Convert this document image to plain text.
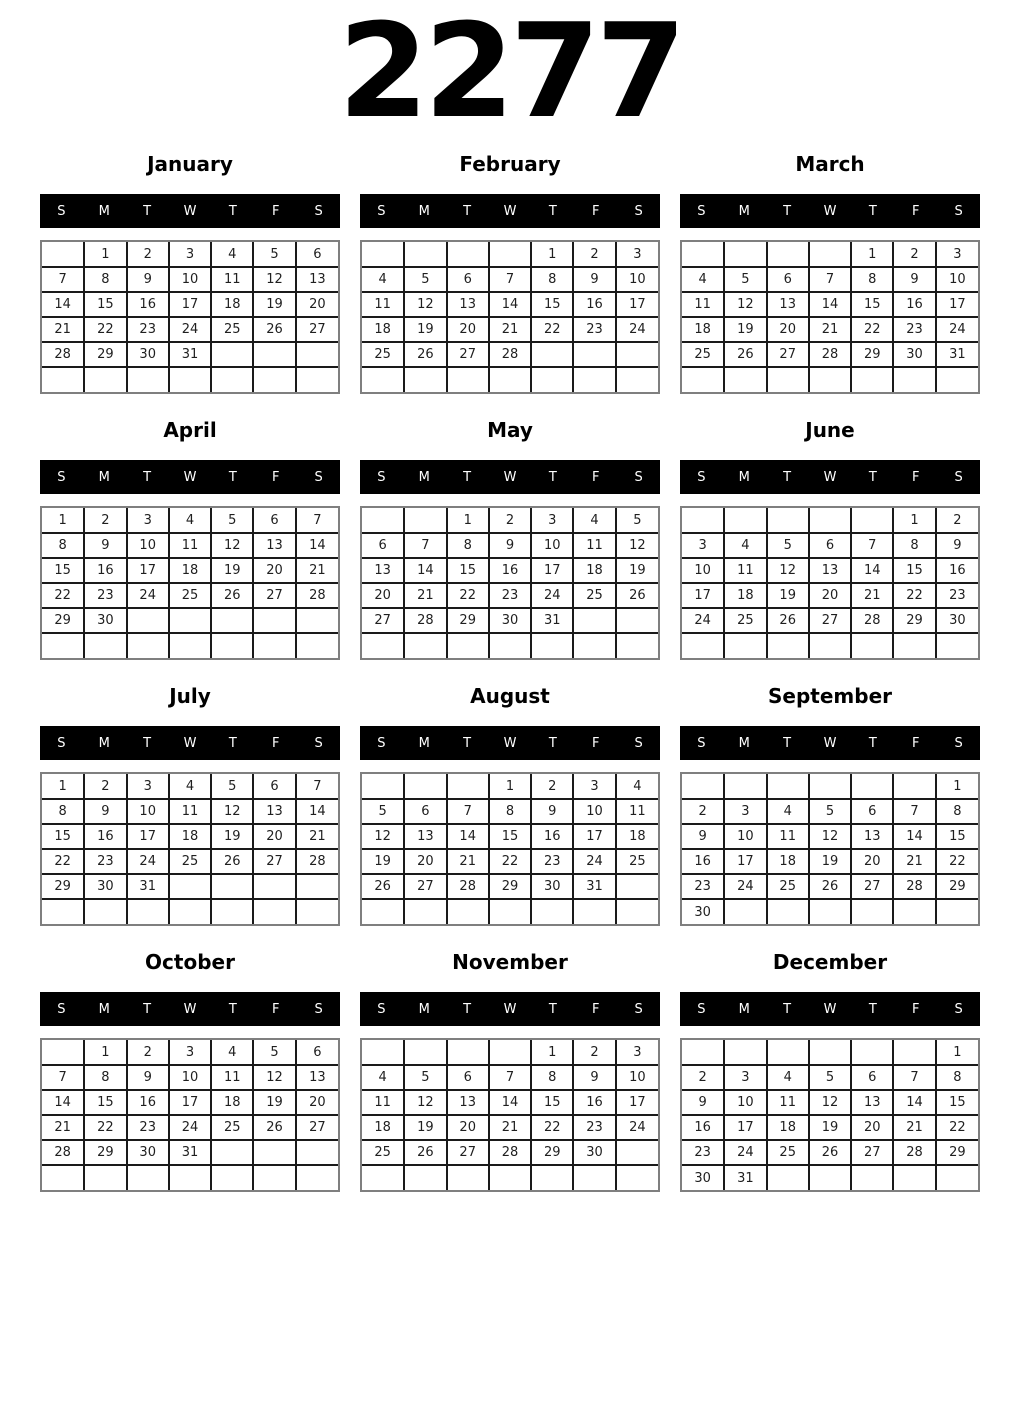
2277
January
S	M	T	W	T	F	S
	1	2	3	4	5	6
7	8	9	10	11	12	13
14	15	16	17	18	19	20
21	22	23	24	25	26	27
28	29	30	31			

February
S	M	T	W	T	F	S
				1	2	3
4	5	6	7	8	9	10
11	12	13	14	15	16	17
18	19	20	21	22	23	24
25	26	27	28			

March
S	M	T	W	T	F	S
				1	2	3
4	5	6	7	8	9	10
11	12	13	14	15	16	17
18	19	20	21	22	23	24
25	26	27	28	29	30	31

April
S	M	T	W	T	F	S
1	2	3	4	5	6	7
8	9	10	11	12	13	14
15	16	17	18	19	20	21
22	23	24	25	26	27	28
29	30					

May
S	M	T	W	T	F	S
		1	2	3	4	5
6	7	8	9	10	11	12
13	14	15	16	17	18	19
20	21	22	23	24	25	26
27	28	29	30	31		

June
S	M	T	W	T	F	S
					1	2
3	4	5	6	7	8	9
10	11	12	13	14	15	16
17	18	19	20	21	22	23
24	25	26	27	28	29	30

July
S	M	T	W	T	F	S
1	2	3	4	5	6	7
8	9	10	11	12	13	14
15	16	17	18	19	20	21
22	23	24	25	26	27	28
29	30	31				

August
S	M	T	W	T	F	S
			1	2	3	4
5	6	7	8	9	10	11
12	13	14	15	16	17	18
19	20	21	22	23	24	25
26	27	28	29	30	31	

September
S	M	T	W	T	F	S
						1
2	3	4	5	6	7	8
9	10	11	12	13	14	15
16	17	18	19	20	21	22
23	24	25	26	27	28	29
30						
October
S	M	T	W	T	F	S
	1	2	3	4	5	6
7	8	9	10	11	12	13
14	15	16	17	18	19	20
21	22	23	24	25	26	27
28	29	30	31			

November
S	M	T	W	T	F	S
				1	2	3
4	5	6	7	8	9	10
11	12	13	14	15	16	17
18	19	20	21	22	23	24
25	26	27	28	29	30	

December
S	M	T	W	T	F	S
						1
2	3	4	5	6	7	8
9	10	11	12	13	14	15
16	17	18	19	20	21	22
23	24	25	26	27	28	29
30	31					
